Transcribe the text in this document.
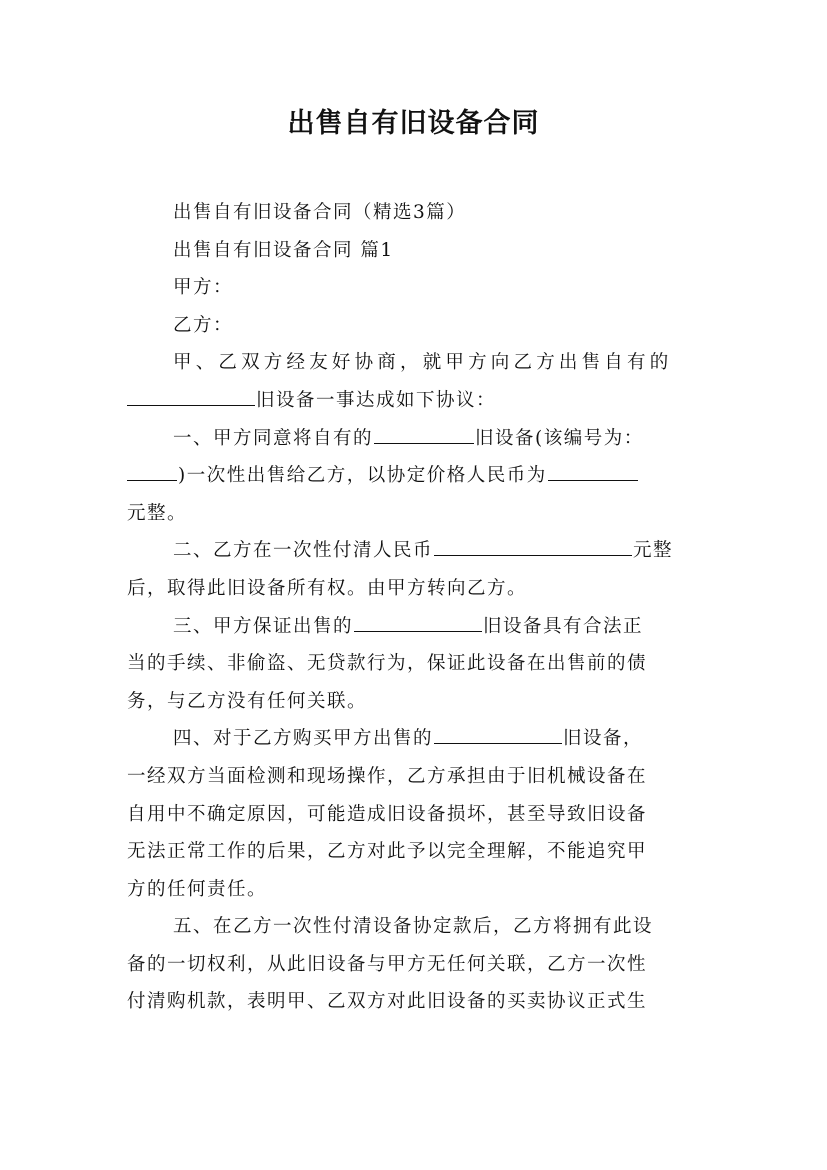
出售自有旧设备合同
出售自有旧设备合同（精选3篇）
出售自有旧设备合同 篇1
甲方：
乙方：
甲、乙双方经友好协商，就甲方向乙方出售自有的
旧设备一事达成如下协议：
一、甲方同意将自有的	旧设备(该编号为：
)一次性出售给乙方，以协定价格人民币为
元整。
二、乙方在一次性付清人民币	元整
后，取得此旧设备所有权。由甲方转向乙方。
三、甲方保证出售的	旧设备具有合法正
当的手续、非偷盗、无贷款行为，保证此设备在出售前的债
务，与乙方没有任何关联。
四、对于乙方购买甲方出售的	旧设备，
一经双方当面检测和现场操作，乙方承担由于旧机械设备在
自用中不确定原因，可能造成旧设备损坏，甚至导致旧设备
无法正常工作的后果，乙方对此予以完全理解，不能追究甲
方的任何责任。
五、在乙方一次性付清设备协定款后，乙方将拥有此设
备的一切权利，从此旧设备与甲方无任何关联，乙方一次性
付清购机款，表明甲、乙双方对此旧设备的买卖协议正式生
